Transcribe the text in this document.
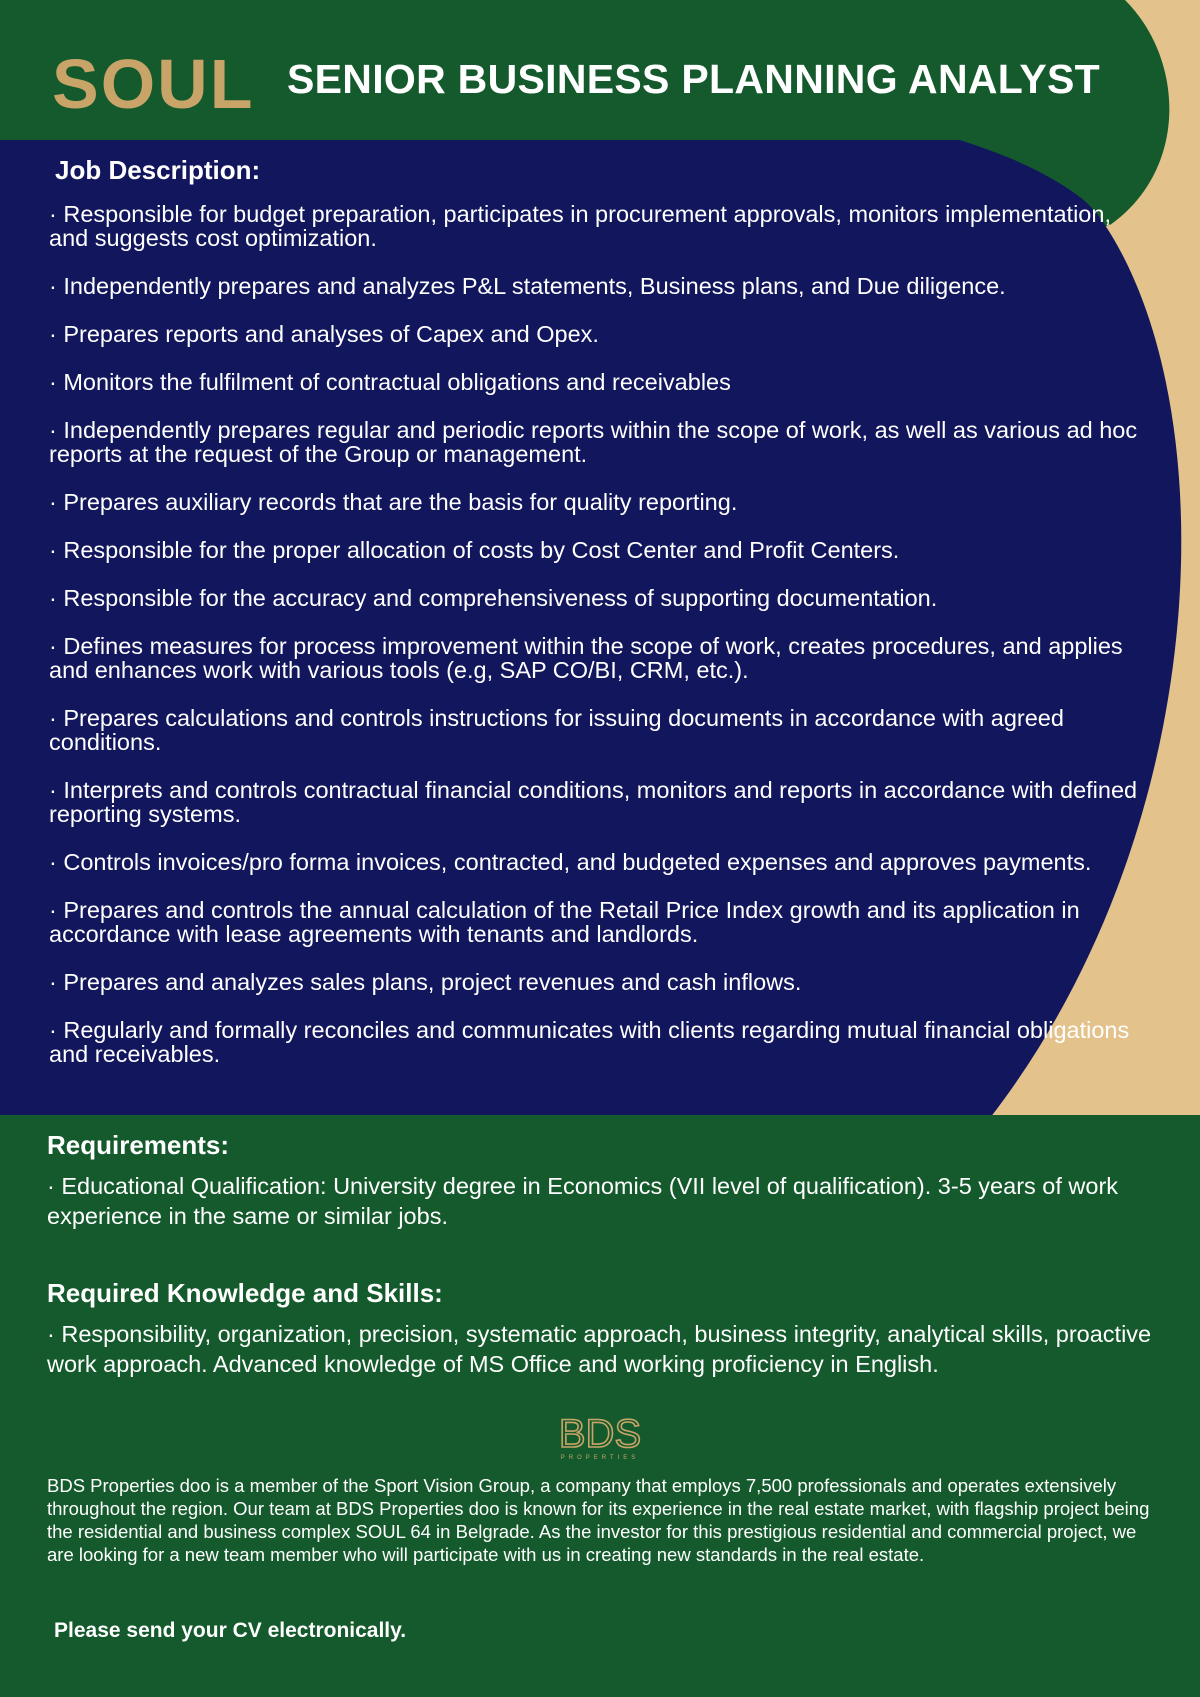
SOUL SENIOR BUSINESS PLANNING ANALYST
Job Description:
· Responsible for budget preparation, participates in procurement approvals, monitors implementation, and suggests cost optimization.
· Independently prepares and analyzes P&L statements, Business plans, and Due diligence.
· Prepares reports and analyses of Capex and Opex.
· Monitors the fulfilment of contractual obligations and receivables
· Independently prepares regular and periodic reports within the scope of work, as well as various ad hoc reports at the request of the Group or management.
· Prepares auxiliary records that are the basis for quality reporting.
· Responsible for the proper allocation of costs by Cost Center and Profit Centers.
· Responsible for the accuracy and comprehensiveness of supporting documentation.
· Defines measures for process improvement within the scope of work, creates procedures, and applies and enhances work with various tools (e.g, SAP CO/BI, CRM, etc.).
· Prepares calculations and controls instructions for issuing documents in accordance with agreed conditions.
· Interprets and controls contractual financial conditions, monitors and reports in accordance with defined reporting systems.
· Controls invoices/pro forma invoices, contracted, and budgeted expenses and approves payments.
· Prepares and controls the annual calculation of the Retail Price Index growth and its application in accordance with lease agreements with tenants and landlords.
· Prepares and analyzes sales plans, project revenues and cash inflows.
· Regularly and formally reconciles and communicates with clients regarding mutual financial obligations and receivables.
Requirements:

· Educational Qualification: University degree in Economics (VII level of qualification). 3-5 years of work experience in the same or similar jobs.

Required Knowledge and Skills:

· Responsibility, organization, precision, systematic approach, business integrity, analytical skills, proactive work approach. Advanced knowledge of MS Office and working proficiency in English.

BDS
PROPERTIES

BDS Properties doo is a member of the Sport Vision Group, a company that employs 7,500 professionals and operates extensively throughout the region. Our team at BDS Properties doo is known for its experience in the real estate market, with flagship project being the residential and business complex SOUL 64 in Belgrade. As the investor for this prestigious residential and commercial project, we are looking for a new team member who will participate with us in creating new standards in the real estate.

Please send your CV electronically.
